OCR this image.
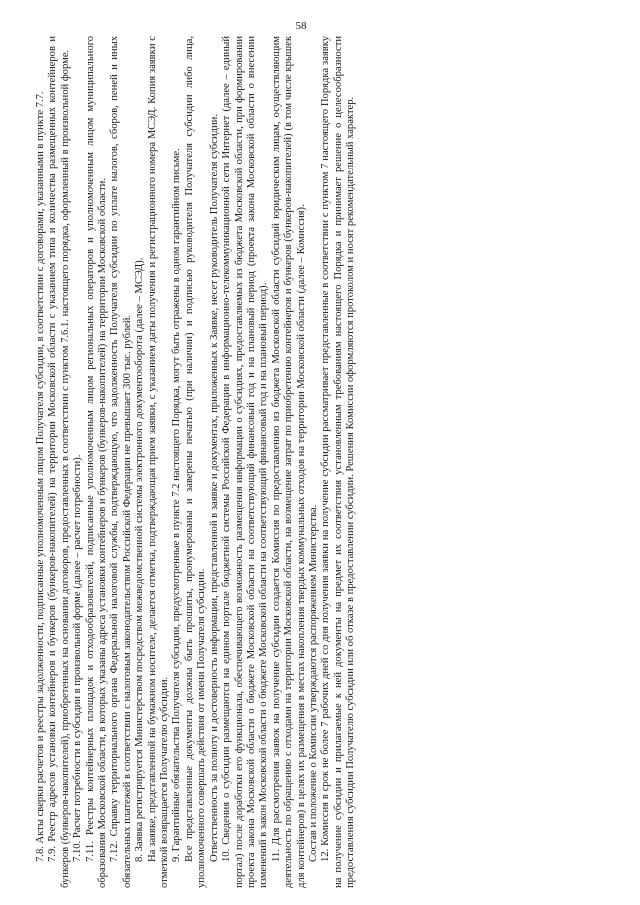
58

7.8. Акты сверки расчетов и реестры задолженности, подписанные уполномоченным лицом Получателя субсидии, в соответствии с договорами, указанными в пункте 7.7. 7.9. Реестр адресов установки контейнеров и бункеров (бункеров-накопителей) на территории Московской области с указанием типа и количества размещенных контейнеров и бункеров (бункеров-накопителей), приобретенных на основании договоров, предоставленных в соответствии с пунктом 7.6.1. настоящего порядка, оформленный в произвольной форме. 7.10. Расчет потребности в субсидии в произвольной форме (далее – расчет потребности). 7.11. Реестры контейнерных площадок и отходообразователей, подписанные уполномоченным лицом региональных операторов и уполномоченным лицом муниципального образования Московской области, в которых указаны адреса установки контейнеров и бункеров (бункеров-накопителей) на территории Московской области. 7.12. Справку территориального органа Федеральной налоговой службы, подтверждающую, что задолженность Получателя субсидии по уплате налогов, сборов, пеней и иных обязательных платежей в соответствии с налоговым законодательством Российской Федерации не превышает 300 тыс. рублей. 8. Заявка регистрируется Министерством посредством межведомственной системы электронного документооборота (далее – МСЭД). На заявке, представленной на бумажном носителе, делается отметка, подтверждающая прием заявки, с указанием даты получения и регистрационного номера МСЭД. Копия заявки с отметкой возвращается Получателю субсидии. 9. Гарантийные обязательства Получателя субсидии, предусмотренные в пункте 7.2 настоящего Порядка, могут быть отражены в одном гарантийном письме. Все представленные документы должны быть прошиты, пронумерованы и заверены печатью (при наличии) и подписью руководителя Получателя субсидии либо лица, уполномоченного совершать действия от имени Получателя субсидии. Ответственность за полноту и достоверность информации, представленной в заявке и документах, приложенных к Заявке, несет руководитель Получателя субсидии. 10. Сведения о субсидии размещаются на едином портале бюджетной системы Российской Федерации в информационно-телекоммуникационной сети Интернет (далее – единый портал) после доработки его функционала, обеспечивающего возможность размещения информации о субсидиях, предоставляемых из бюджета Московской области, при формировании проекта закона Московской области о бюджете Московской области на соответствующий финансовый год и на плановый период (проекта закона Московской области о внесении изменений в закон Московской области о бюджете Московской области на соответствующий финансовый год и на плановый период). 11. Для рассмотрения заявок на получение субсидии создается Комиссия по предоставлению из бюджета Московской области субсидий юридическим лицам, осуществляющим деятельность по обращению с отходами на территории Московской области, на возмещение затрат по приобретению контейнеров и бункеров (бункеров-накопителей) (в том числе крышек для контейнеров) в целях их размещения в местах накопления твердых коммунальных отходов на территории Московской области (далее – Комиссия). Состав и положение о Комиссии утверждаются распоряжением Министерства. 12. Комиссия в срок не более 7 рабочих дней со дня получения заявки на получение субсидии рассматривает представленные в соответствии с пунктом 7 настоящего Порядка заявку на получение субсидии и прилагаемые к ней документы на предмет их соответствия установленным требованиям настоящего Порядка и принимает решение о целесообразности предоставления субсидии Получателю субсидии или об отказе в предоставлении субсидии. Решения Комиссии оформляются протоколом и носят рекомендательный характер.
